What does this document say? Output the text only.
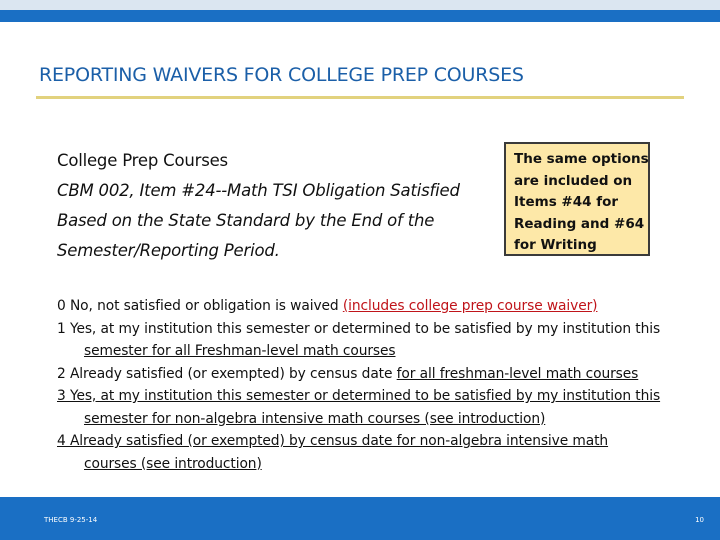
REPORTING WAIVERS FOR COLLEGE PREP COURSES
College Prep Courses
CBM 002, Item #24--Math TSI Obligation Satisfied
Based on the State Standard by the End of the
Semester/Reporting Period.
The same options
are included on
Items #44 for
Reading and #64
for Writing
0 No, not satisfied or obligation is waived (includes college prep course waiver)
1 Yes, at my institution this semester or determined to be satisfied by my institution this
semester for all Freshman-level math courses
2 Already satisfied (or exempted) by census date for all freshman-level math courses
3 Yes, at my institution this semester or determined to be satisfied by my institution this
semester for non-algebra intensive math courses (see introduction)
4 Already satisfied (or exempted) by census date for non-algebra intensive math
courses (see introduction)
THECB 9-25-14	10
